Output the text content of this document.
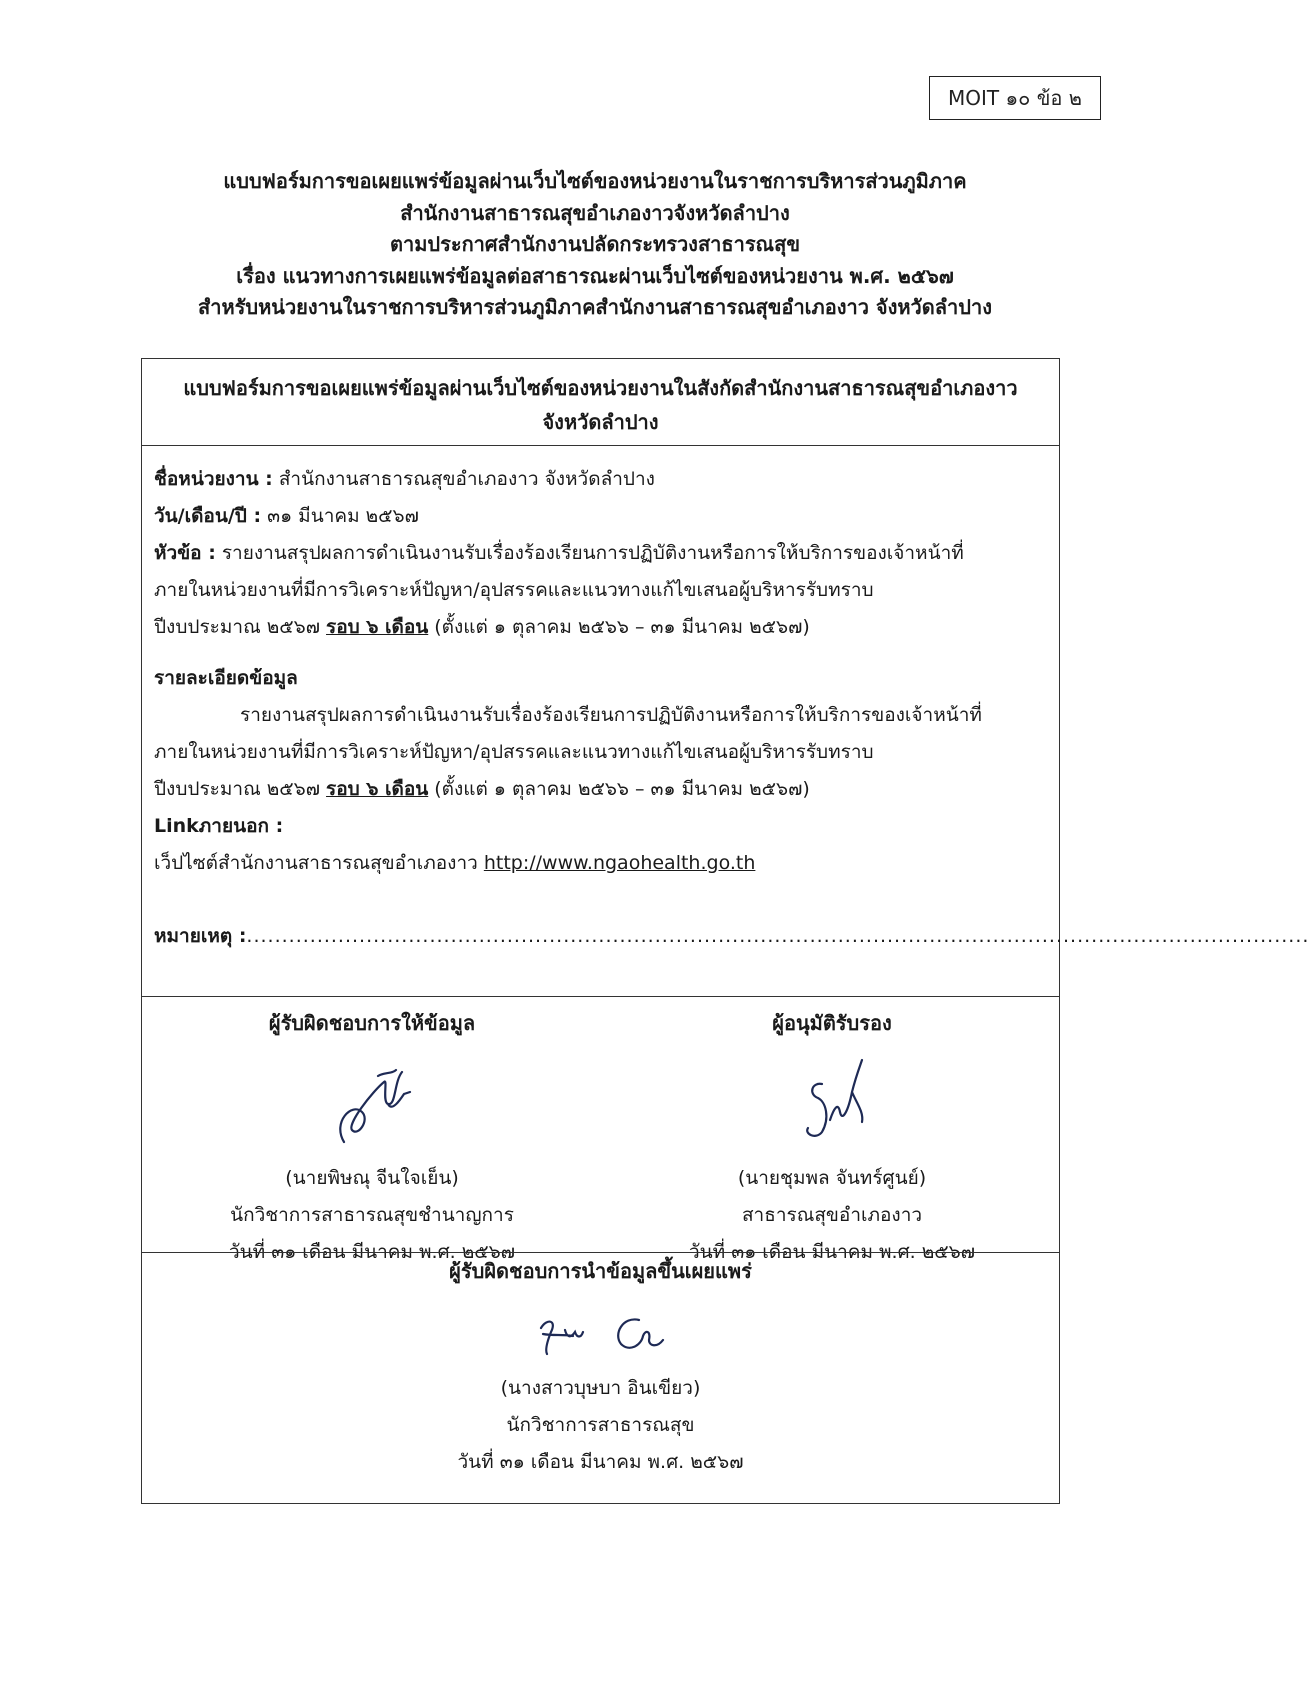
MOIT ๑๐ ข้อ ๒
แบบฟอร์มการขอเผยแพร่ข้อมูลผ่านเว็บไซต์ของหน่วยงานในราชการบริหารส่วนภูมิภาค
สำนักงานสาธารณสุขอำเภองาวจังหวัดลำปาง
ตามประกาศสำนักงานปลัดกระทรวงสาธารณสุข
เรื่อง แนวทางการเผยแพร่ข้อมูลต่อสาธารณะผ่านเว็บไซต์ของหน่วยงาน พ.ศ. ๒๕๖๗
สำหรับหน่วยงานในราชการบริหารส่วนภูมิภาคสำนักงานสาธารณสุขอำเภองาว จังหวัดลำปาง
แบบฟอร์มการขอเผยแพร่ข้อมูลผ่านเว็บไซต์ของหน่วยงานในสังกัดสำนักงานสาธารณสุขอำเภองาว
จังหวัดลำปาง
ชื่อหน่วยงาน : สำนักงานสาธารณสุขอำเภองาว จังหวัดลำปาง
วัน/เดือน/ปี : ๓๑ มีนาคม ๒๕๖๗
หัวข้อ : รายงานสรุปผลการดำเนินงานรับเรื่องร้องเรียนการปฏิบัติงานหรือการให้บริการของเจ้าหน้าที่
ภายในหน่วยงานที่มีการวิเคราะห์ปัญหา/อุปสรรคและแนวทางแก้ไขเสนอผู้บริหารรับทราบ
ปีงบประมาณ ๒๕๖๗ รอบ ๖ เดือน (ตั้งแต่ ๑ ตุลาคม ๒๕๖๖ – ๓๑ มีนาคม ๒๕๖๗)
รายละเอียดข้อมูล
รายงานสรุปผลการดำเนินงานรับเรื่องร้องเรียนการปฏิบัติงานหรือการให้บริการของเจ้าหน้าที่
ภายในหน่วยงานที่มีการวิเคราะห์ปัญหา/อุปสรรคและแนวทางแก้ไขเสนอผู้บริหารรับทราบ
ปีงบประมาณ ๒๕๖๗ รอบ ๖ เดือน (ตั้งแต่ ๑ ตุลาคม ๒๕๖๖ – ๓๑ มีนาคม ๒๕๖๗)
Linkภายนอก :
เว็ปไซต์สำนักงานสาธารณสุขอำเภองาว http://www.ngaohealth.go.th
หมายเหตุ : .......................................................................................................................................................
ผู้รับผิดชอบการให้ข้อมูล
(นายพิษณุ จีนใจเย็น)
นักวิชาการสาธารณสุขชำนาญการ
วันที่ ๓๑ เดือน มีนาคม พ.ศ. ๒๕๖๗
ผู้อนุมัติรับรอง
(นายชุมพล จันทร์ศูนย์)
สาธารณสุขอำเภองาว
วันที่ ๓๑ เดือน มีนาคม พ.ศ. ๒๕๖๗
ผู้รับผิดชอบการนำข้อมูลขึ้นเผยแพร่
(นางสาวบุษบา อินเขียว)
นักวิชาการสาธารณสุข
วันที่ ๓๑ เดือน มีนาคม พ.ศ. ๒๕๖๗
